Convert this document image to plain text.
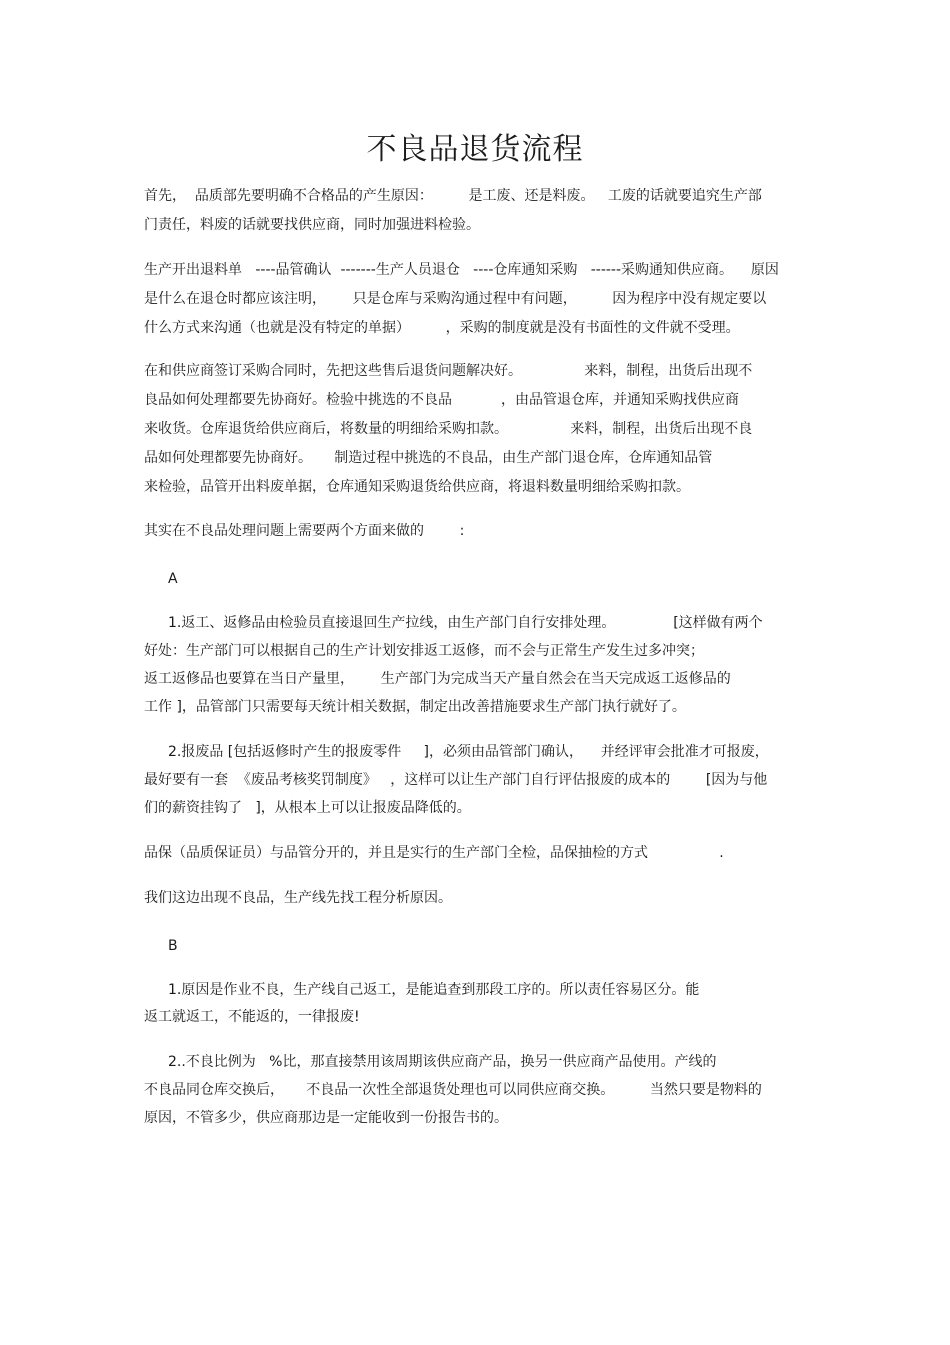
不良品退货流程
首先，  品质部先要明确不合格品的产生原因：        是工废、还是料废。   工废的话就要追究生产部
门责任，料废的话就要找供应商，同时加强进料检验。
生产开出退料单   ----品管确认  -------生产人员退仓   ----仓库通知采购   ------采购通知供应商。    原因
是什么在退仓时都应该注明，      只是仓库与采购沟通过程中有问题，        因为程序中没有规定要以
什么方式来沟通（也就是没有特定的单据）        ，采购的制度就是没有书面性的文件就不受理。
在和供应商签订采购合同时，先把这些售后退货问题解决好。              来料，制程，出货后出现不
良品如何处理都要先协商好。检验中挑选的不良品           ，由品管退仓库，并通知采购找供应商
来收货。仓库退货给供应商后，将数量的明细给采购扣款。              来料，制程，出货后出现不良
品如何处理都要先协商好。     制造过程中挑选的不良品，由生产部门退仓库，仓库通知品管
来检验，品管开出料废单据，仓库通知采购退货给供应商，将退料数量明细给采购扣款。
其实在不良品处理问题上需要两个方面来做的        :
A
1.返工、返修品由检验员直接退回生产拉线，由生产部门自行安排处理。             [这样做有两个
好处：生产部门可以根据自己的生产计划安排返工返修，而不会与正常生产发生过多冲突；
返工返修品也要算在当日产量里，      生产部门为完成当天产量自然会在当天完成返工返修品的
工作 ]，品管部门只需要每天统计相关数据，制定出改善措施要求生产部门执行就好了。
2.报废品 [包括返修时产生的报废零件     ]，必须由品管部门确认，    并经评审会批准才可报废，
最好要有一套  《废品考核奖罚制度》   ，这样可以让生产部门自行评估报废的成本的        [因为与他
们的薪资挂钩了   ]，从根本上可以让报废品降低的。
品保（品质保证员）与品管分开的，并且是实行的生产部门全检，品保抽检的方式                .
我们这边出现不良品，生产线先找工程分析原因。
B
1.原因是作业不良，生产线自己返工，是能追查到那段工序的。所以责任容易区分。能
返工就返工，不能返的，一律报废!
2..不良比例为   %比，那直接禁用该周期该供应商产品，换另一供应商产品使用。产线的
不良品同仓库交换后，     不良品一次性全部退货处理也可以同供应商交换。        当然只要是物料的
原因，不管多少，供应商那边是一定能收到一份报告书的。
